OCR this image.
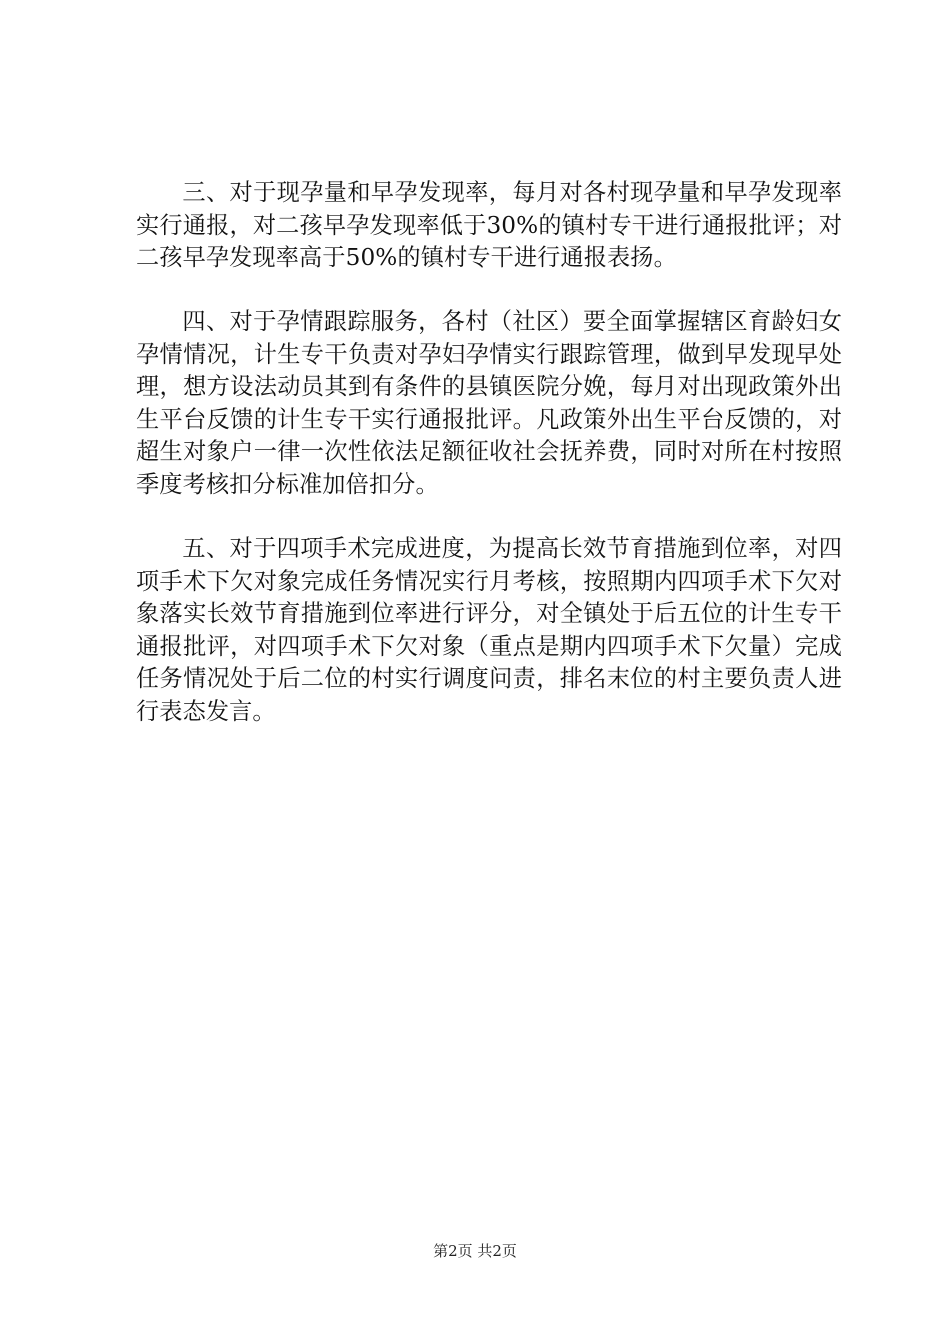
三、对于现孕量和早孕发现率，每月对各村现孕量和早孕发现率实行通报，对二孩早孕发现率低于30%的镇村专干进行通报批评；对二孩早孕发现率高于50%的镇村专干进行通报表扬。

四、对于孕情跟踪服务，各村（社区）要全面掌握辖区育龄妇女孕情情况，计生专干负责对孕妇孕情实行跟踪管理，做到早发现早处理，想方设法动员其到有条件的县镇医院分娩，每月对出现政策外出生平台反馈的计生专干实行通报批评。凡政策外出生平台反馈的，对超生对象户一律一次性依法足额征收社会抚养费，同时对所在村按照季度考核扣分标准加倍扣分。

五、对于四项手术完成进度，为提高长效节育措施到位率，对四项手术下欠对象完成任务情况实行月考核，按照期内四项手术下欠对象落实长效节育措施到位率进行评分，对全镇处于后五位的计生专干通报批评，对四项手术下欠对象（重点是期内四项手术下欠量）完成任务情况处于后二位的村实行调度问责，排名末位的村主要负责人进行表态发言。

第2页 共2页
